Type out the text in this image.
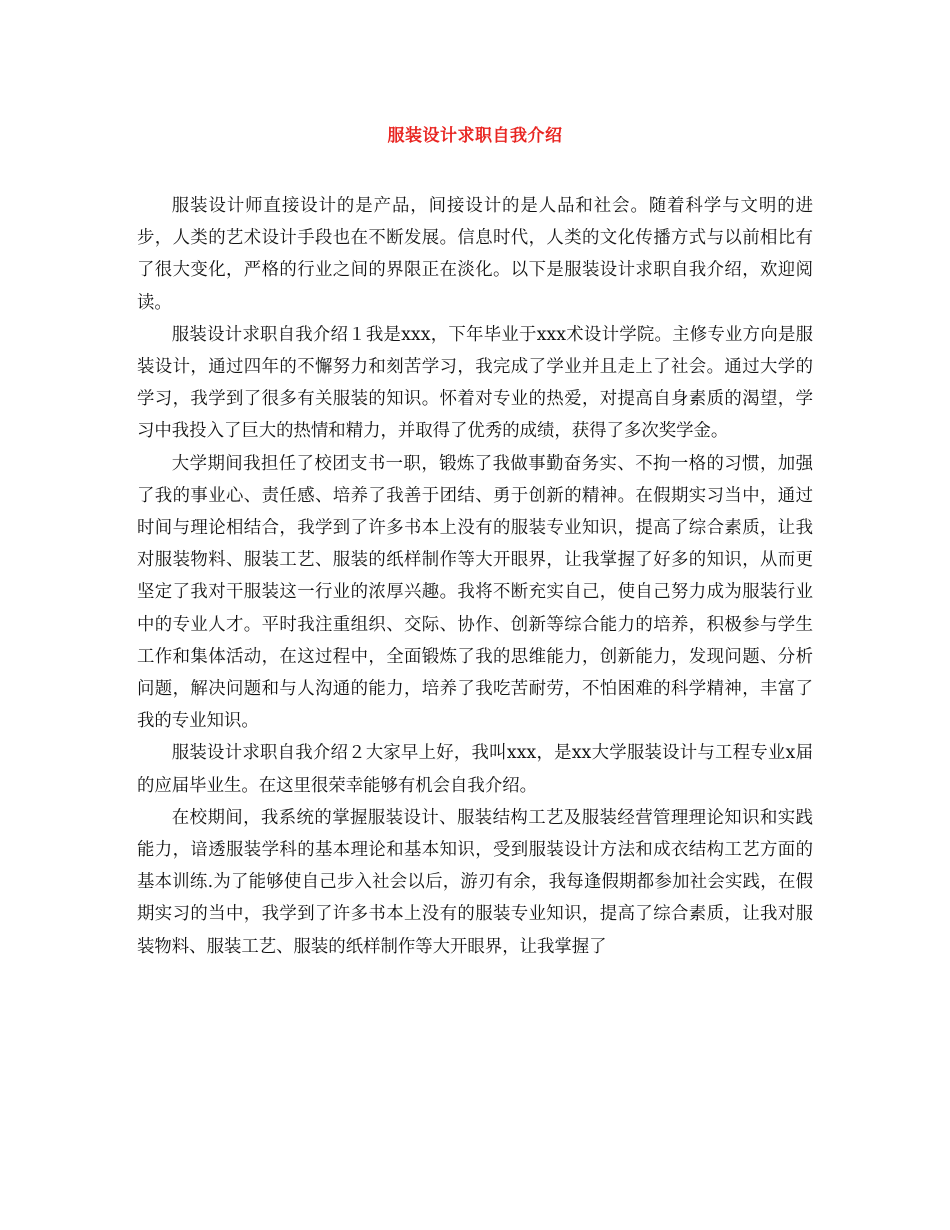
服装设计求职自我介绍

服装设计师直接设计的是产品，间接设计的是人品和社会。随着科学与文明的进步，人类的艺术设计手段也在不断发展。信息时代，人类的文化传播方式与以前相比有了很大变化，严格的行业之间的界限正在淡化。以下是服装设计求职自我介绍，欢迎阅读。

服装设计求职自我介绍１我是xxx，下年毕业于xxx术设计学院。主修专业方向是服装设计，通过四年的不懈努力和刻苦学习，我完成了学业并且走上了社会。通过大学的学习，我学到了很多有关服装的知识。怀着对专业的热爱，对提高自身素质的渴望，学习中我投入了巨大的热情和精力，并取得了优秀的成绩，获得了多次奖学金。

大学期间我担任了校团支书一职，锻炼了我做事勤奋务实、不拘一格的习惯，加强了我的事业心、责任感、培养了我善于团结、勇于创新的精神。在假期实习当中，通过时间与理论相结合，我学到了许多书本上没有的服装专业知识，提高了综合素质，让我对服装物料、服装工艺、服装的纸样制作等大开眼界，让我掌握了好多的知识，从而更坚定了我对干服装这一行业的浓厚兴趣。我将不断充实自己，使自己努力成为服装行业中的专业人才。平时我注重组织、交际、协作、创新等综合能力的培养，积极参与学生工作和集体活动，在这过程中，全面锻炼了我的思维能力，创新能力，发现问题、分析问题，解决问题和与人沟通的能力，培养了我吃苦耐劳，不怕困难的科学精神，丰富了我的专业知识。

服装设计求职自我介绍２大家早上好，我叫xxx，是xx大学服装设计与工程专业x届的应届毕业生。在这里很荣幸能够有机会自我介绍。

在校期间，我系统的掌握服装设计、服装结构工艺及服装经营管理理论知识和实践能力，谙透服装学科的基本理论和基本知识，受到服装设计方法和成衣结构工艺方面的基本训练.为了能够使自己步入社会以后，游刃有余，我每逢假期都参加社会实践，在假期实习的当中，我学到了许多书本上没有的服装专业知识，提高了综合素质，让我对服装物料、服装工艺、服装的纸样制作等大开眼界，让我掌握了
